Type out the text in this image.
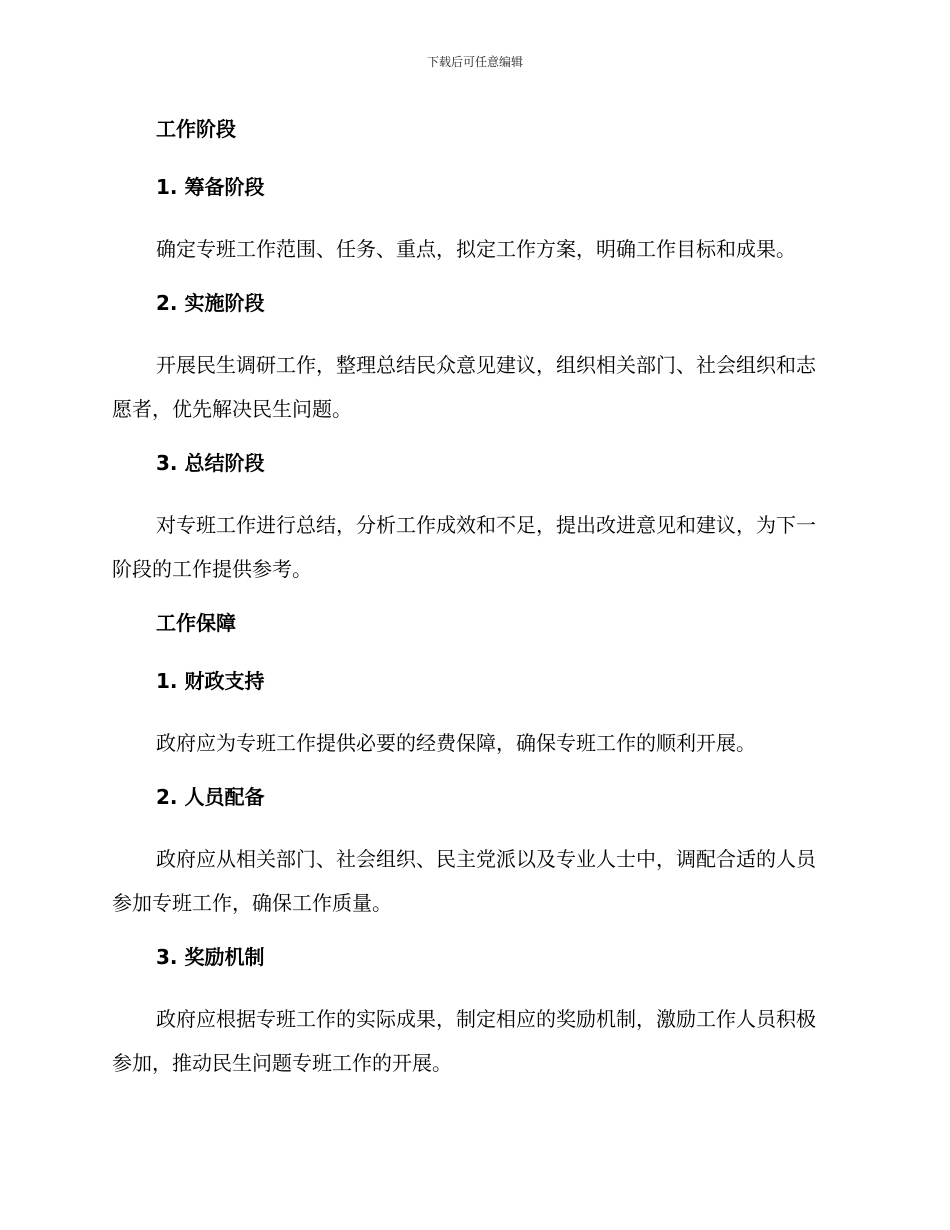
下载后可任意编辑
工作阶段
1. 筹备阶段

确定专班工作范围、任务、重点，拟定工作方案，明确工作目标和成果。

2. 实施阶段

开展民生调研工作，整理总结民众意见建议，组织相关部门、社会组织和志愿者，优先解决民生问题。

3. 总结阶段

对专班工作进行总结，分析工作成效和不足，提出改进意见和建议，为下一阶段的工作提供参考。

工作保障
1. 财政支持

政府应为专班工作提供必要的经费保障，确保专班工作的顺利开展。

2. 人员配备

政府应从相关部门、社会组织、民主党派以及专业人士中，调配合适的人员参加专班工作，确保工作质量。

3. 奖励机制

政府应根据专班工作的实际成果，制定相应的奖励机制，激励工作人员积极参加，推动民生问题专班工作的开展。
